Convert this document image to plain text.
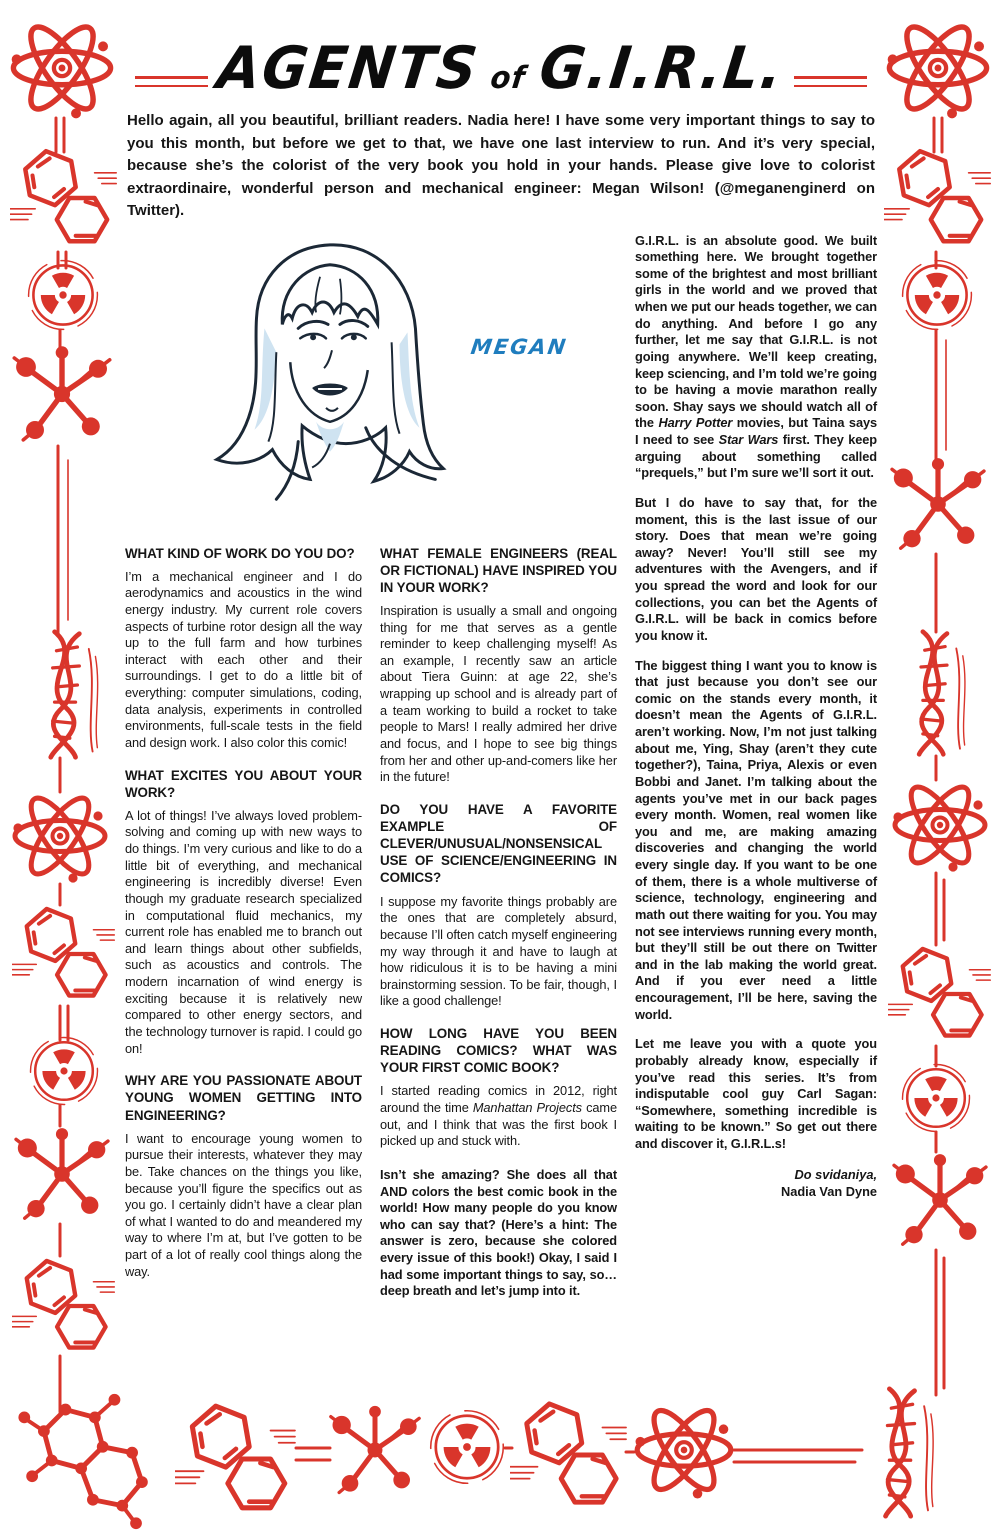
AGENTS of G.I.R.L.

Hello again, all you beautiful, brilliant readers. Nadia here! I have some very important things to say to you this month, but before we get to that, we have one last interview to run. And it’s very special, because she’s the colorist of the very book you hold in your hands. Please give love to colorist extraordinaire, wonderful person and mechanical engineer: Megan Wilson! (@meganenginerd on Twitter).

MEGAN

WHAT KIND OF WORK DO YOU DO?

I’m a mechanical engineer and I do aerodynamics and acoustics in the wind energy industry. My current role covers aspects of turbine rotor design all the way up to the full farm and how turbines interact with each other and their surroundings. I get to do a little bit of everything: computer simulations, coding, data analysis, experiments in controlled environments, full-scale tests in the field and design work. I also color this comic!

WHAT EXCITES YOU ABOUT YOUR WORK?

A lot of things! I’ve always loved problem-solving and coming up with new ways to do things. I’m very curious and like to do a little bit of everything, and mechanical engineering is incredibly diverse! Even though my graduate research specialized in computational fluid mechanics, my current role has enabled me to branch out and learn things about other subfields, such as acoustics and controls. The modern incarnation of wind energy is exciting because it is relatively new compared to other energy sectors, and the technology turnover is rapid. I could go on!

WHY ARE YOU PASSIONATE ABOUT YOUNG WOMEN GETTING INTO ENGINEERING?

I want to encourage young women to pursue their interests, whatever they may be. Take chances on the things you like, because you’ll figure the specifics out as you go. I certainly didn’t have a clear plan of what I wanted to do and meandered my way to where I’m at, but I’ve gotten to be part of a lot of really cool things along the way.

WHAT FEMALE ENGINEERS (REAL OR FICTIONAL) HAVE INSPIRED YOU IN YOUR WORK?

Inspiration is usually a small and ongoing thing for me that serves as a gentle reminder to keep challenging myself! As an example, I recently saw an article about Tiera Guinn: at age 22, she’s wrapping up school and is already part of a team working to build a rocket to take people to Mars! I really admired her drive and focus, and I hope to see big things from her and other up-and-comers like her in the future!

DO YOU HAVE A FAVORITE EXAMPLE OF CLEVER/UNUSUAL/NONSENSICAL USE OF SCIENCE/ENGINEERING IN COMICS?

I suppose my favorite things probably are the ones that are completely absurd, because I’ll often catch myself engineering my way through it and have to laugh at how ridiculous it is to be having a mini brainstorming session. To be fair, though, I like a good challenge!

HOW LONG HAVE YOU BEEN READING COMICS? WHAT WAS YOUR FIRST COMIC BOOK?

I started reading comics in 2012, right around the time Manhattan Projects came out, and I think that was the first book I picked up and stuck with.

Isn’t she amazing? She does all that AND colors the best comic book in the world! How many people do you know who can say that? (Here’s a hint: The answer is zero, because she colored every issue of this book!) Okay, I said I had some important things to say, so…deep breath and let’s jump into it.

G.I.R.L. is an absolute good. We built something here. We brought together some of the brightest and most brilliant girls in the world and we proved that when we put our heads together, we can do anything. And before I go any further, let me say that G.I.R.L. is not going anywhere. We’ll keep creating, keep sciencing, and I’m told we’re going to be having a movie marathon really soon. Shay says we should watch all of the Harry Potter movies, but Taina says I need to see Star Wars first. They keep arguing about something called “prequels,” but I’m sure we’ll sort it out.

But I do have to say that, for the moment, this is the last issue of our story. Does that mean we’re going away? Never! You’ll still see my adventures with the Avengers, and if you spread the word and look for our collections, you can bet the Agents of G.I.R.L. will be back in comics before you know it.

The biggest thing I want you to know is that just because you don’t see our comic on the stands every month, it doesn’t mean the Agents of G.I.R.L. aren’t working. Now, I’m not just talking about me, Ying, Shay (aren’t they cute together?), Taina, Priya, Alexis or even Bobbi and Janet. I’m talking about the agents you’ve met in our back pages every month. Women, real women like you and me, are making amazing discoveries and changing the world every single day. If you want to be one of them, there is a whole multiverse of science, technology, engineering and math out there waiting for you. You may not see interviews running every month, but they’ll still be out there on Twitter and in the lab making the world great. And if you ever need a little encouragement, I’ll be here, saving the world.

Let me leave you with a quote you probably already know, especially if you’ve read this series. It’s from indisputable cool guy Carl Sagan: “Somewhere, something incredible is waiting to be known.” So get out there and discover it, G.I.R.L.s!

Do svidaniya,
Nadia Van Dyne
